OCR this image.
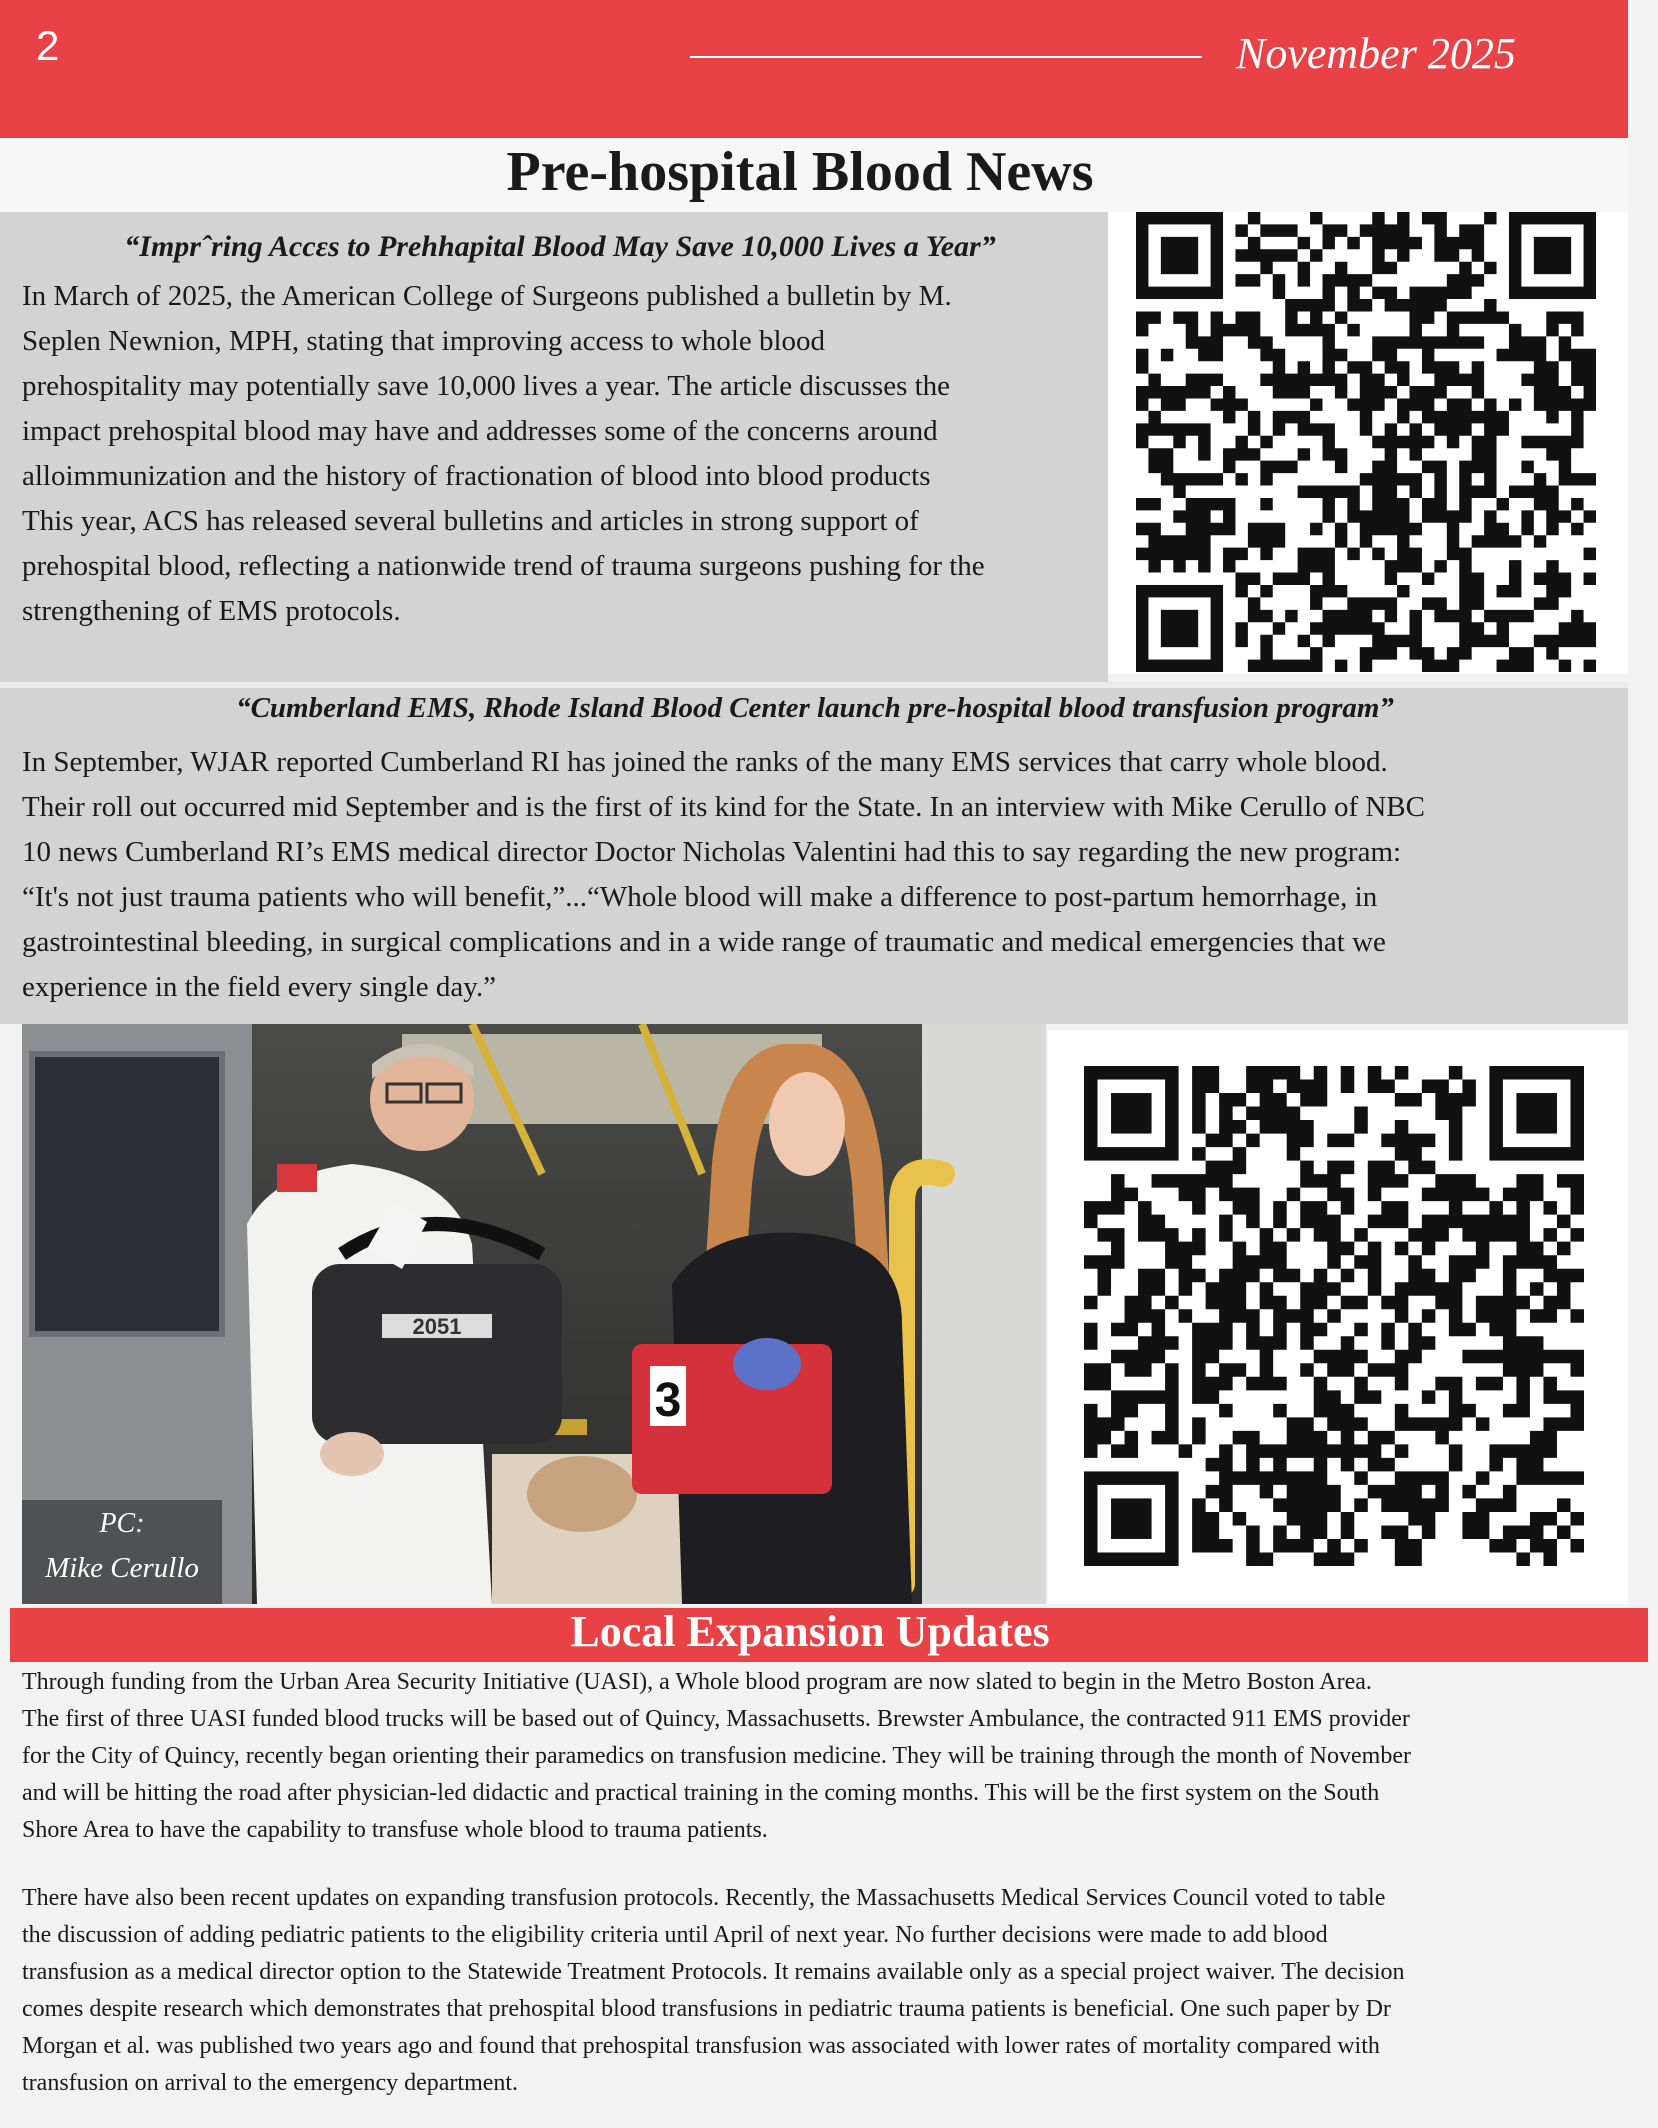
2	November 2025
Pre-hospital Blood News
“Imprˆring Accɛs to Prehhapital Blood May Save 10,000 Lives a Year”
In March of 2025, the American College of Surgeons published a bulletin by M.
Seplen Newnion, MPH, stating that improving access to whole blood
prehospitality may potentially save 10,000 lives a year. The article discusses the
impact prehospital blood may have and addresses some of the concerns around
alloimmunization and the history of fractionation of blood into blood products
This year, ACS has released several bulletins and articles in strong support of
prehospital blood, reflecting a nationwide trend of trauma surgeons pushing for the
strengthening of EMS protocols.
“Cumberland EMS, Rhode Island Blood Center launch pre-hospital blood transfusion program”
In September, WJAR reported Cumberland RI has joined the ranks of the many EMS services that carry whole blood.
Their roll out occurred mid September and is the first of its kind for the State. In an interview with Mike Cerullo of NBC
10 news Cumberland RI’s EMS medical director Doctor Nicholas Valentini had this to say regarding the new program:
“It's not just trauma patients who will benefit,”...“Whole blood will make a difference to post-partum hemorrhage, in
gastrointestinal bleeding, in surgical complications and in a wide range of traumatic and medical emergencies that we
experience in the field every single day.”
3
2051
PC:
Mike Cerullo
Local Expansion Updates
Through funding from the Urban Area Security Initiative (UASI), a Whole blood program are now slated to begin in the Metro Boston Area.
The first of three UASI funded blood trucks will be based out of Quincy, Massachusetts. Brewster Ambulance, the contracted 911 EMS provider
for the City of Quincy, recently began orienting their paramedics on transfusion medicine. They will be training through the month of November
and will be hitting the road after physician-led didactic and practical training in the coming months. This will be the first system on the South
Shore Area to have the capability to transfuse whole blood to trauma patients.
There have also been recent updates on expanding transfusion protocols. Recently, the Massachusetts Medical Services Council voted to table
the discussion of adding pediatric patients to the eligibility criteria until April of next year. No further decisions were made to add blood
transfusion as a medical director option to the Statewide Treatment Protocols. It remains available only as a special project waiver. The decision
comes despite research which demonstrates that prehospital blood transfusions in pediatric trauma patients is beneficial. One such paper by Dr
Morgan et al. was published two years ago and found that prehospital transfusion was associated with lower rates of mortality compared with
transfusion on arrival to the emergency department.
